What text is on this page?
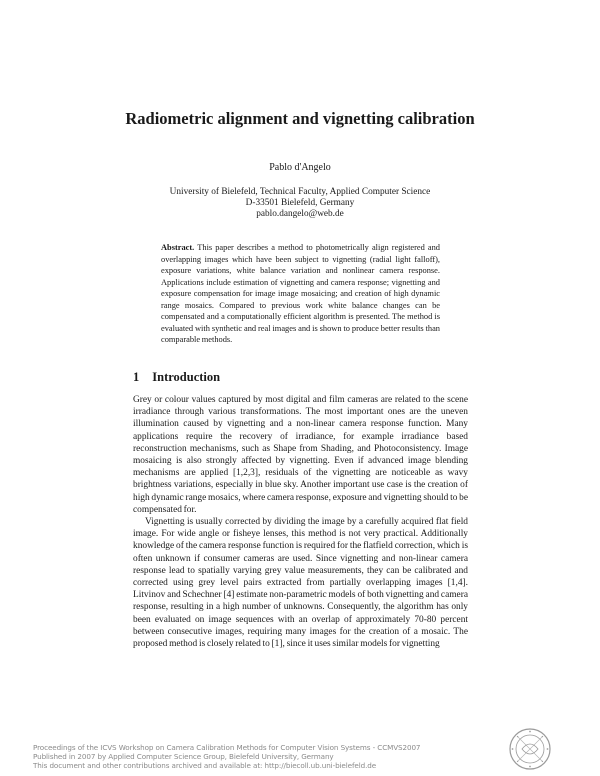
Radiometric alignment and vignetting calibration
Pablo d'Angelo
University of Bielefeld, Technical Faculty, Applied Computer Science
D-33501 Bielefeld, Germany
pablo.dangelo@web.de
Abstract. This paper describes a method to photometrically align registered and overlapping images which have been subject to vignetting (radial light falloff), exposure variations, white balance variation and nonlinear camera response. Applications include estimation of vignetting and camera response; vignetting and exposure compensation for image image mosaicing; and creation of high dynamic range mosaics. Compared to previous work white balance changes can be compensated and a computationally efficient algorithm is presented. The method is evaluated with synthetic and real images and is shown to produce better results than comparable methods.
1 Introduction

Grey or colour values captured by most digital and film cameras are related to the scene irradiance through various transformations. The most important ones are the uneven illumination caused by vignetting and a non-linear camera response function. Many applications require the recovery of irradiance, for example irradiance based reconstruction mechanisms, such as Shape from Shading, and Photoconsistency. Image mosaicing is also strongly affected by vignetting. Even if advanced image blending mechanisms are applied [1,2,3], residuals of the vignetting are noticeable as wavy brightness variations, especially in blue sky. Another important use case is the creation of high dynamic range mosaics, where camera response, exposure and vignetting should to be compensated for.

Vignetting is usually corrected by dividing the image by a carefully acquired flat field image. For wide angle or fisheye lenses, this method is not very practical. Additionally knowledge of the camera response function is required for the flatfield correction, which is often unknown if consumer cameras are used. Since vignetting and non-linear camera response lead to spatially varying grey value measurements, they can be calibrated and corrected using grey level pairs extracted from partially overlapping images [1,4]. Litvinov and Schechner [4] estimate non-parametric models of both vignetting and camera response, resulting in a high number of unknowns. Consequently, the algorithm has only been evaluated on image sequences with an overlap of approximately 70-80 percent between consecutive images, requiring many images for the creation of a mosaic. The proposed method is closely related to [1], since it uses similar models for vignetting

Proceedings of the ICVS Workshop on Camera Calibration Methods for Computer Vision Systems - CCMVS2007
Published in 2007 by Applied Computer Science Group, Bielefeld University, Germany
This document and other contributions archived and available at: http://biecoll.ub.uni-bielefeld.de
